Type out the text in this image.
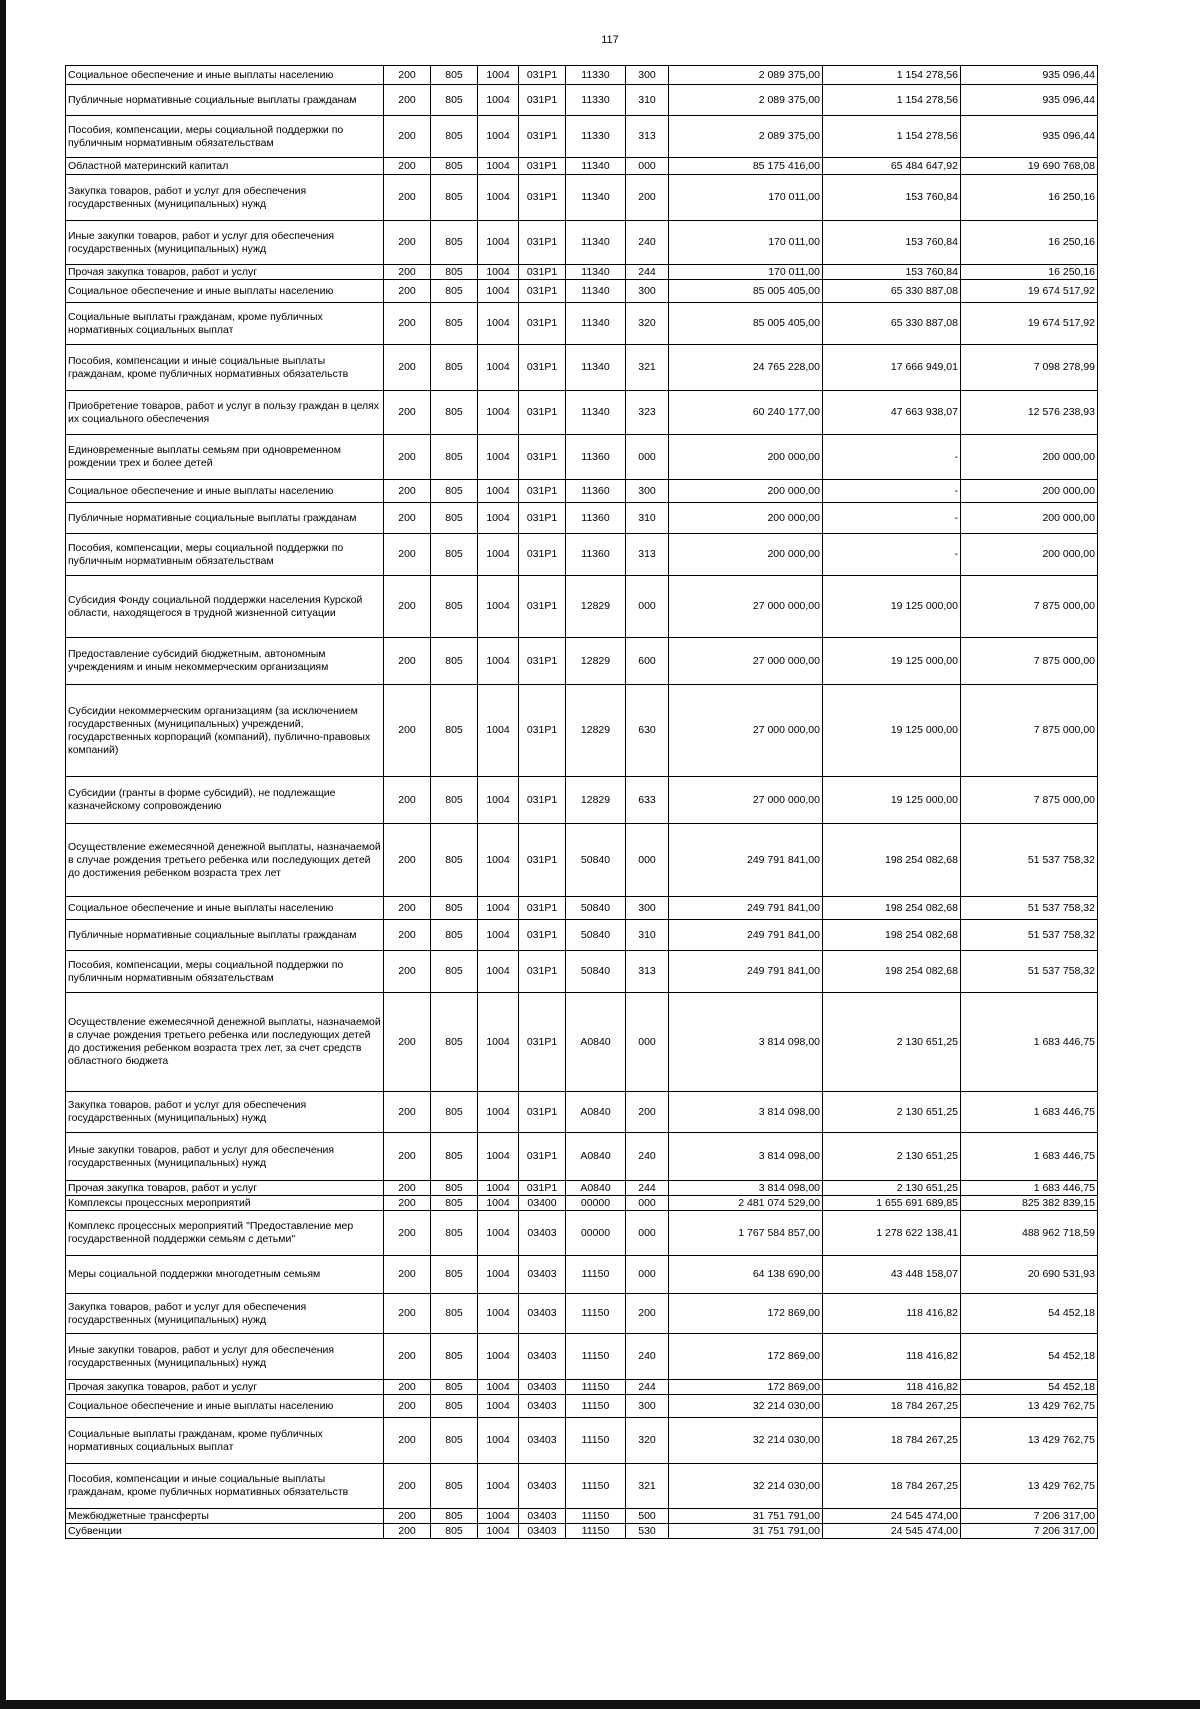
117
Социальное обеспечение и иные выплаты населению	200	805	1004	031P1	11330	300	2 089 375,00	1 154 278,56	935 096,44
Публичные нормативные социальные выплаты гражданам	200	805	1004	031P1	11330	310	2 089 375,00	1 154 278,56	935 096,44
Пособия, компенсации, меры социальной поддержки по публичным нормативным обязательствам	200	805	1004	031P1	11330	313	2 089 375,00	1 154 278,56	935 096,44
Областной материнский капитал	200	805	1004	031P1	11340	000	85 175 416,00	65 484 647,92	19 690 768,08
Закупка товаров, работ и услуг для обеспечения государственных (муниципальных) нужд	200	805	1004	031P1	11340	200	170 011,00	153 760,84	16 250,16
Иные закупки товаров, работ и услуг для обеспечения государственных (муниципальных) нужд	200	805	1004	031P1	11340	240	170 011,00	153 760,84	16 250,16
Прочая закупка товаров, работ и услуг	200	805	1004	031P1	11340	244	170 011,00	153 760,84	16 250,16
Социальное обеспечение и иные выплаты населению	200	805	1004	031P1	11340	300	85 005 405,00	65 330 887,08	19 674 517,92
Социальные выплаты гражданам, кроме публичных нормативных социальных выплат	200	805	1004	031P1	11340	320	85 005 405,00	65 330 887,08	19 674 517,92
Пособия, компенсации и иные социальные выплаты гражданам, кроме публичных нормативных обязательств	200	805	1004	031P1	11340	321	24 765 228,00	17 666 949,01	7 098 278,99
Приобретение товаров, работ и услуг в пользу граждан в целях их социального обеспечения	200	805	1004	031P1	11340	323	60 240 177,00	47 663 938,07	12 576 238,93
Единовременные выплаты семьям при одновременном рождении трех и более детей	200	805	1004	031P1	11360	000	200 000,00	-	200 000,00
Социальное обеспечение и иные выплаты населению	200	805	1004	031P1	11360	300	200 000,00	-	200 000,00
Публичные нормативные социальные выплаты гражданам	200	805	1004	031P1	11360	310	200 000,00	-	200 000,00
Пособия, компенсации, меры социальной поддержки по публичным нормативным обязательствам	200	805	1004	031P1	11360	313	200 000,00	-	200 000,00
Субсидия Фонду социальной поддержки населения Курской области, находящегося в трудной жизненной ситуации	200	805	1004	031P1	12829	000	27 000 000,00	19 125 000,00	7 875 000,00
Предоставление субсидий бюджетным, автономным учреждениям и иным некоммерческим организациям	200	805	1004	031P1	12829	600	27 000 000,00	19 125 000,00	7 875 000,00
Субсидии некоммерческим организациям (за исключением государственных (муниципальных) учреждений, государственных корпораций (компаний), публично-правовых компаний)	200	805	1004	031P1	12829	630	27 000 000,00	19 125 000,00	7 875 000,00
Субсидии (гранты в форме субсидий), не подлежащие казначейскому сопровождению	200	805	1004	031P1	12829	633	27 000 000,00	19 125 000,00	7 875 000,00
Осуществление ежемесячной денежной выплаты, назначаемой в случае рождения третьего ребенка или последующих детей до достижения ребенком возраста трех лет	200	805	1004	031P1	50840	000	249 791 841,00	198 254 082,68	51 537 758,32
Социальное обеспечение и иные выплаты населению	200	805	1004	031P1	50840	300	249 791 841,00	198 254 082,68	51 537 758,32
Публичные нормативные социальные выплаты гражданам	200	805	1004	031P1	50840	310	249 791 841,00	198 254 082,68	51 537 758,32
Пособия, компенсации, меры социальной поддержки по публичным нормативным обязательствам	200	805	1004	031P1	50840	313	249 791 841,00	198 254 082,68	51 537 758,32
Осуществление ежемесячной денежной выплаты, назначаемой в случае рождения третьего ребенка или последующих детей до достижения ребенком возраста трех лет, за счет средств областного бюджета	200	805	1004	031P1	А0840	000	3 814 098,00	2 130 651,25	1 683 446,75
Закупка товаров, работ и услуг для обеспечения государственных (муниципальных) нужд	200	805	1004	031P1	А0840	200	3 814 098,00	2 130 651,25	1 683 446,75
Иные закупки товаров, работ и услуг для обеспечения государственных (муниципальных) нужд	200	805	1004	031P1	А0840	240	3 814 098,00	2 130 651,25	1 683 446,75
Прочая закупка товаров, работ и услуг	200	805	1004	031P1	А0840	244	3 814 098,00	2 130 651,25	1 683 446,75
Комплексы процессных мероприятий	200	805	1004	03400	00000	000	2 481 074 529,00	1 655 691 689,85	825 382 839,15
Комплекс процессных мероприятий "Предоставление мер государственной поддержки семьям с детьми"	200	805	1004	03403	00000	000	1 767 584 857,00	1 278 622 138,41	488 962 718,59
Меры социальной поддержки многодетным семьям	200	805	1004	03403	11150	000	64 138 690,00	43 448 158,07	20 690 531,93
Закупка товаров, работ и услуг для обеспечения государственных (муниципальных) нужд	200	805	1004	03403	11150	200	172 869,00	118 416,82	54 452,18
Иные закупки товаров, работ и услуг для обеспечения государственных (муниципальных) нужд	200	805	1004	03403	11150	240	172 869,00	118 416,82	54 452,18
Прочая закупка товаров, работ и услуг	200	805	1004	03403	11150	244	172 869,00	118 416,82	54 452,18
Социальное обеспечение и иные выплаты населению	200	805	1004	03403	11150	300	32 214 030,00	18 784 267,25	13 429 762,75
Социальные выплаты гражданам, кроме публичных нормативных социальных выплат	200	805	1004	03403	11150	320	32 214 030,00	18 784 267,25	13 429 762,75
Пособия, компенсации и иные социальные выплаты гражданам, кроме публичных нормативных обязательств	200	805	1004	03403	11150	321	32 214 030,00	18 784 267,25	13 429 762,75
Межбюджетные трансферты	200	805	1004	03403	11150	500	31 751 791,00	24 545 474,00	7 206 317,00
Субвенции	200	805	1004	03403	11150	530	31 751 791,00	24 545 474,00	7 206 317,00
